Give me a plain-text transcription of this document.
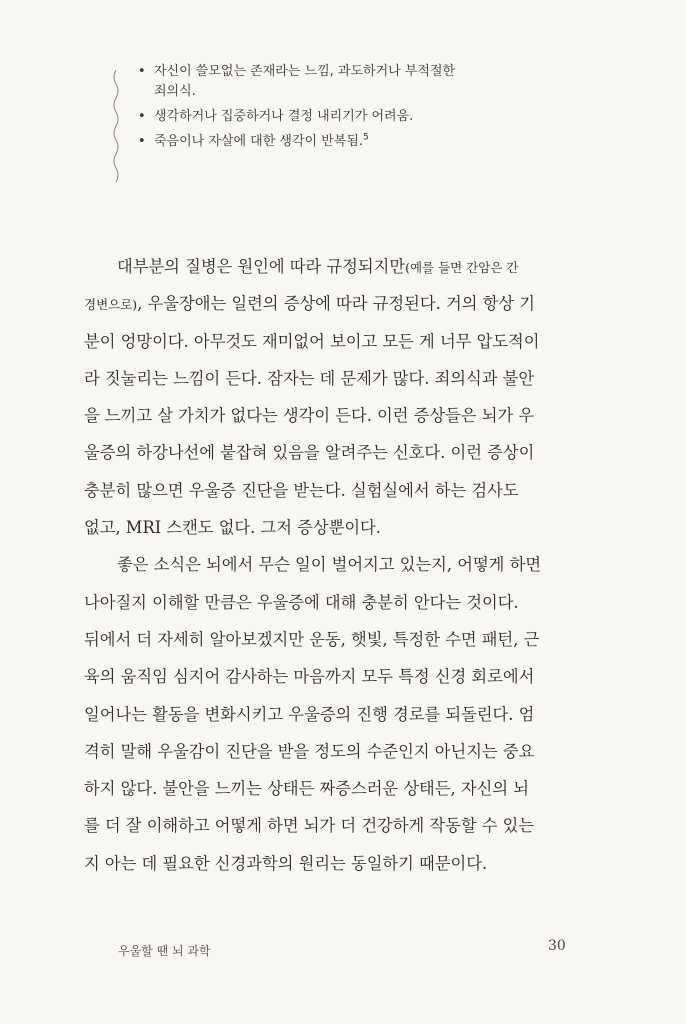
• 자신이 쓸모없는 존재라는 느낌, 과도하거나 부적절한
죄의식.
• 생각하거나 집중하거나 결정 내리기가 어려움.
• 죽음이나 자살에 대한 생각이 반복됨.$^5$

대부분의 질병은 원인에 따라 규정되지만(예를 들면 간암은 간

경변으로), 우울장애는 일련의 증상에 따라 규정된다. 거의 항상 기

분이 엉망이다. 아무것도 재미없어 보이고 모든 게 너무 압도적이

라 짓눌리는 느낌이 든다. 잠자는 데 문제가 많다. 죄의식과 불안

을 느끼고 살 가치가 없다는 생각이 든다. 이런 증상들은 뇌가 우

울증의 하강나선에 붙잡혀 있음을 알려주는 신호다. 이런 증상이

충분히 많으면 우울증 진단을 받는다. 실험실에서 하는 검사도

없고, MRI 스캔도 없다. 그저 증상뿐이다.

좋은 소식은 뇌에서 무슨 일이 벌어지고 있는지, 어떻게 하면

나아질지 이해할 만큼은 우울증에 대해 충분히 안다는 것이다.

뒤에서 더 자세히 알아보겠지만 운동, 햇빛, 특정한 수면 패턴, 근

육의 움직임 심지어 감사하는 마음까지 모두 특정 신경 회로에서

일어나는 활동을 변화시키고 우울증의 진행 경로를 되돌린다. 엄

격히 말해 우울감이 진단을 받을 정도의 수준인지 아닌지는 중요

하지 않다. 불안을 느끼는 상태든 짜증스러운 상태든, 자신의 뇌

를 더 잘 이해하고 어떻게 하면 뇌가 더 건강하게 작동할 수 있는

지 아는 데 필요한 신경과학의 원리는 동일하기 때문이다.

우울할 땐 뇌 과학	30
